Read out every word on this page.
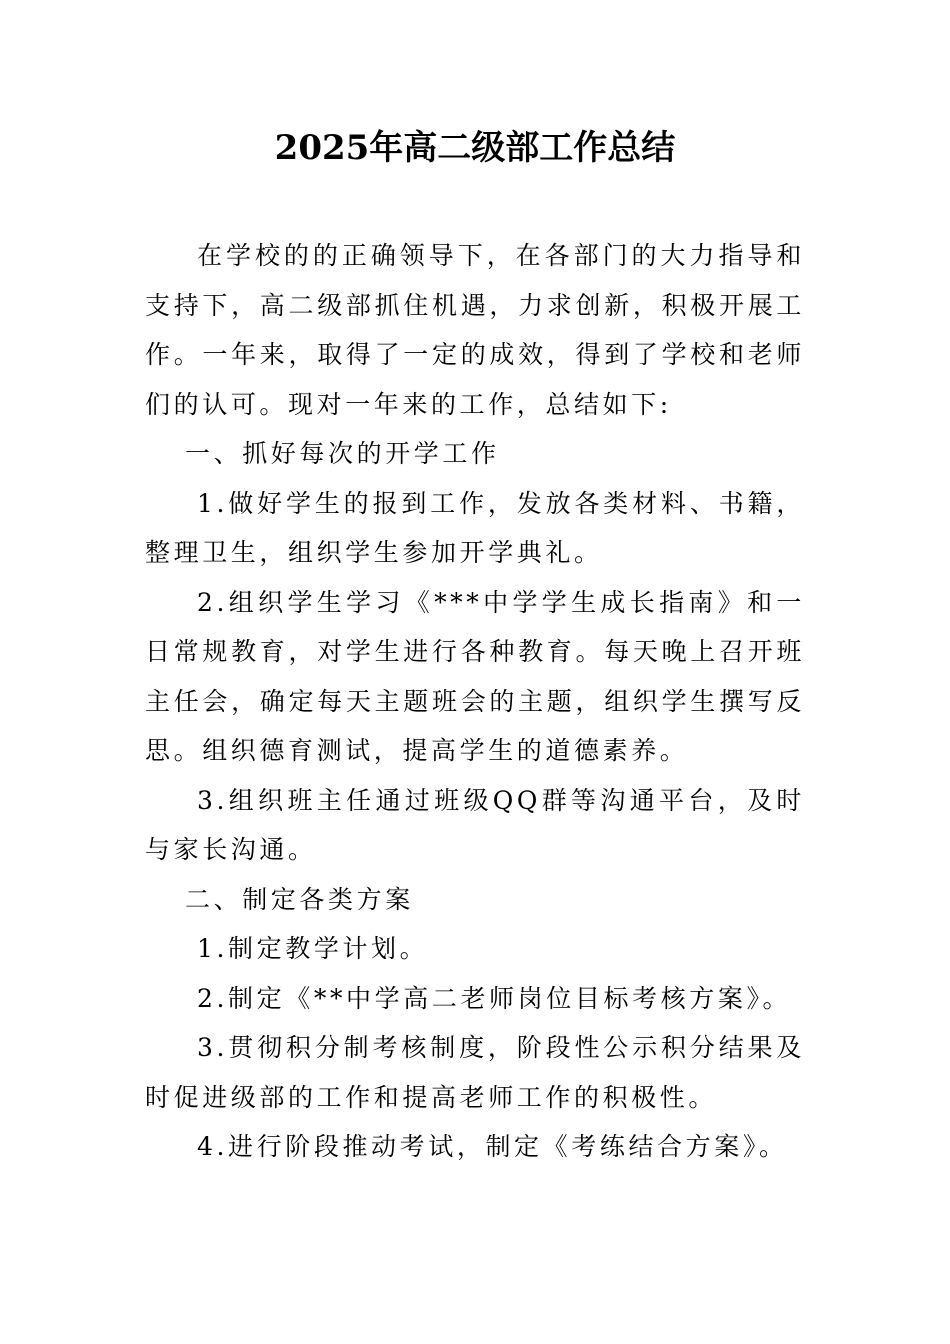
2025年高二级部工作总结

在学校的的正确领导下，在各部门的大力指导和支持下，高二级部抓住机遇，力求创新，积极开展工作。一年来，取得了一定的成效，得到了学校和老师们的认可。现对一年来的工作，总结如下:

一、抓好每次的开学工作

1.做好学生的报到工作，发放各类材料、书籍，整理卫生，组织学生参加开学典礼。

2.组织学生学习《***中学学生成长指南》和一日常规教育，对学生进行各种教育。每天晚上召开班主任会，确定每天主题班会的主题，组织学生撰写反思。组织德育测试，提高学生的道德素养。

3.组织班主任通过班级QQ群等沟通平台，及时与家长沟通。

二、制定各类方案

1.制定教学计划。

2.制定《**中学高二老师岗位目标考核方案》。

3.贯彻积分制考核制度，阶段性公示积分结果及时促进级部的工作和提高老师工作的积极性。

4.进行阶段推动考试，制定《考练结合方案》。
